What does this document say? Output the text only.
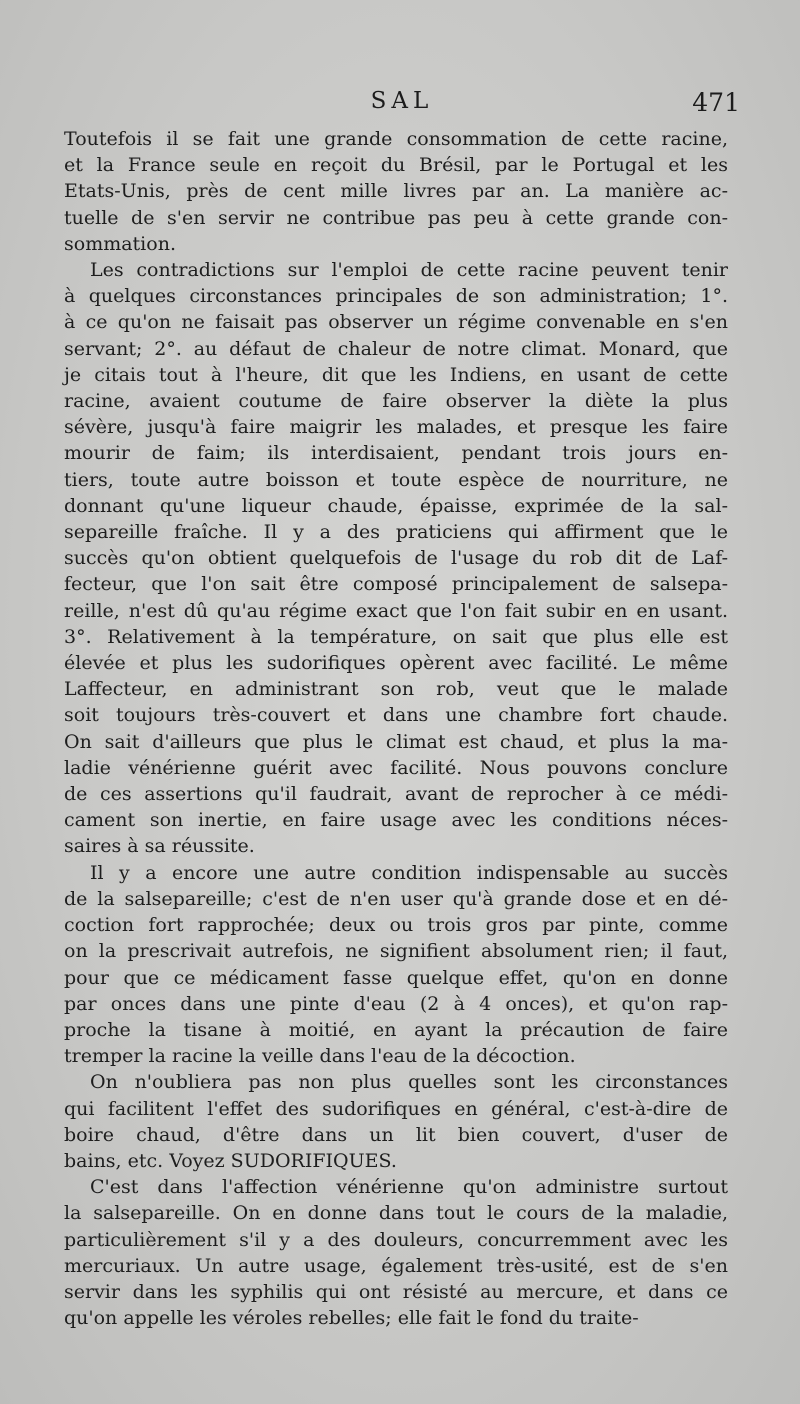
SAL	471

Toutefois il se fait une grande consommation de cette racine,
et la France seule en reçoit du Brésil, par le Portugal et les
Etats-Unis, près de cent mille livres par an. La manière ac-
tuelle de s'en servir ne contribue pas peu à cette grande con-
sommation.

Les contradictions sur l'emploi de cette racine peuvent tenir
à quelques circonstances principales de son administration; 1°.
à ce qu'on ne faisait pas observer un régime convenable en s'en
servant; 2°. au défaut de chaleur de notre climat. Monard, que
je citais tout à l'heure, dit que les Indiens, en usant de cette
racine, avaient coutume de faire observer la diète la plus
sévère, jusqu'à faire maigrir les malades, et presque les faire
mourir de faim; ils interdisaient, pendant trois jours en-
tiers, toute autre boisson et toute espèce de nourriture, ne
donnant qu'une liqueur chaude, épaisse, exprimée de la sal-
separeille fraîche. Il y a des praticiens qui affirment que le
succès qu'on obtient quelquefois de l'usage du rob dit de Laf-
fecteur, que l'on sait être composé principalement de salsepa-
reille, n'est dû qu'au régime exact que l'on fait subir en en usant.
3°. Relativement à la température, on sait que plus elle est
élevée et plus les sudorifiques opèrent avec facilité. Le même
Laffecteur, en administrant son rob, veut que le malade
soit toujours très-couvert et dans une chambre fort chaude.
On sait d'ailleurs que plus le climat est chaud, et plus la ma-
ladie vénérienne guérit avec facilité. Nous pouvons conclure
de ces assertions qu'il faudrait, avant de reprocher à ce médi-
cament son inertie, en faire usage avec les conditions néces-
saires à sa réussite.

Il y a encore une autre condition indispensable au succès
de la salsepareille; c'est de n'en user qu'à grande dose et en dé-
coction fort rapprochée; deux ou trois gros par pinte, comme
on la prescrivait autrefois, ne signifient absolument rien; il faut,
pour que ce médicament fasse quelque effet, qu'on en donne
par onces dans une pinte d'eau (2 à 4 onces), et qu'on rap-
proche la tisane à moitié, en ayant la précaution de faire
tremper la racine la veille dans l'eau de la décoction.

On n'oubliera pas non plus quelles sont les circonstances
qui facilitent l'effet des sudorifiques en général, c'est-à-dire de
boire chaud, d'être dans un lit bien couvert, d'user de
bains, etc. Voyez SUDORIFIQUES.

C'est dans l'affection vénérienne qu'on administre surtout
la salsepareille. On en donne dans tout le cours de la maladie,
particulièrement s'il y a des douleurs, concurremment avec les
mercuriaux. Un autre usage, également très-usité, est de s'en
servir dans les syphilis qui ont résisté au mercure, et dans ce
qu'on appelle les véroles rebelles; elle fait le fond du traite-
